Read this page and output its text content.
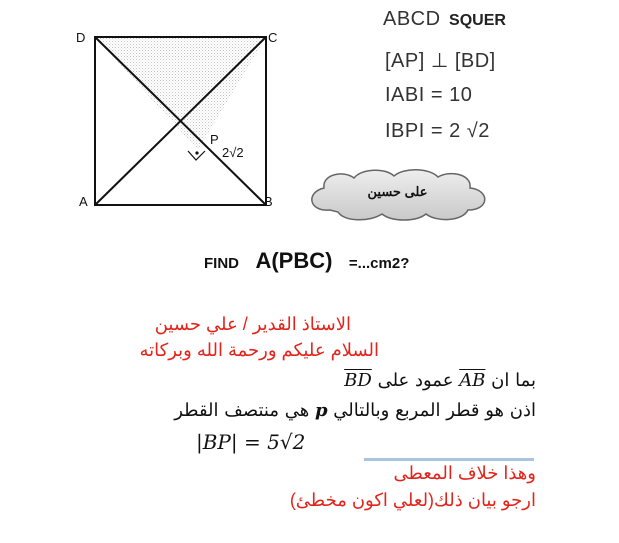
D	C
A	B
P
2√2
ABCD SQUER
[AP] ⊥ [BD]
IABI = 10
IBPI = 2 √2
على حسين
FIND A(PBC) =...cm2?
الاستاذ القدير / علي حسين
السلام عليكم ورحمة الله وبركاته
بما ان AB عمود على BD
اذن هو قطر المربع وبالتالي p هي منتصف القطر
|BP| = 5√2
وهذا خلاف المعطى
ارجو بيان ذلك(لعلي اكون مخطئ)
